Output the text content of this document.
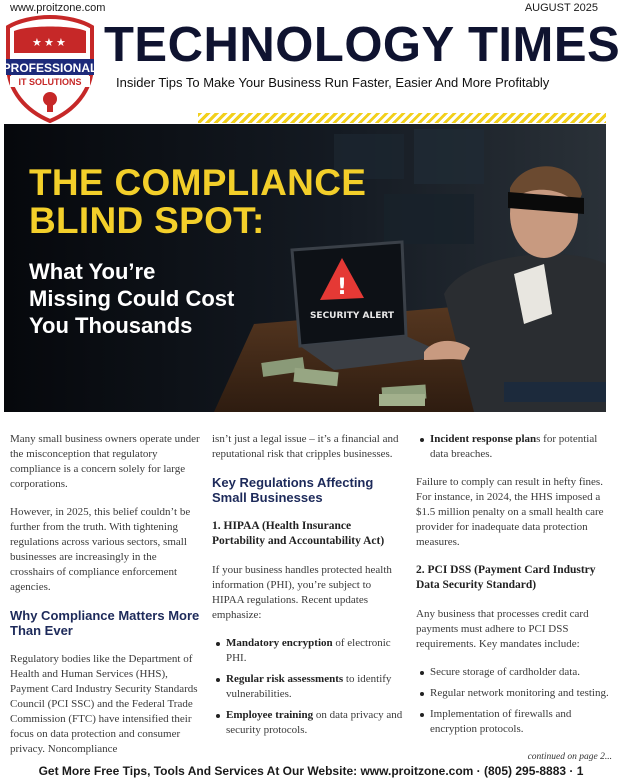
www.proitzone.com	AUGUST 2025
★ ★ ★
PROFESSIONAL
IT SOLUTIONS
TECHNOLOGY TIMES
Insider Tips To Make Your Business Run Faster, Easier And More Profitably
!
SECURITY ALERT
THE COMPLIANCE
BLIND SPOT:
What You’re
Missing Could Cost
You Thousands

Many small business owners operate under the misconception that regulatory compliance is a concern solely for large corporations.

However, in 2025, this belief couldn’t be further from the truth. With tightening regulations across various sectors, small businesses are increasingly in the crosshairs of compliance enforcement agencies.

Why Compliance Matters More Than Ever

Regulatory bodies like the Department of Health and Human Services (HHS), Payment Card Industry Security Standards Council (PCI SSC) and the Federal Trade Commission (FTC) have intensified their focus on data protection and consumer privacy. Noncompliance

isn’t just a legal issue – it’s a financial and reputational risk that cripples businesses.

Key Regulations Affecting Small Businesses
1. HIPAA (Health Insurance Portability and Accountability Act)

If your business handles protected health information (PHI), you’re subject to HIPAA regulations. Recent updates emphasize:

Mandatory encryption of electronic PHI.
Regular risk assessments to identify vulnerabilities.
Employee training on data privacy and security protocols.
Incident response plans for potential data breaches.

Failure to comply can result in hefty fines. For instance, in 2024, the HHS imposed a $1.5 million penalty on a small health care provider for inadequate data protection measures.

2. PCI DSS (Payment Card Industry Data Security Standard)

Any business that processes credit card payments must adhere to PCI DSS requirements. Key mandates include:

Secure storage of cardholder data.
Regular network monitoring and testing.
Implementation of firewalls and encryption protocols.
continued on page 2...
Get More Free Tips, Tools And Services At Our Website: www.proitzone.com · (805) 295-8883 · 1
